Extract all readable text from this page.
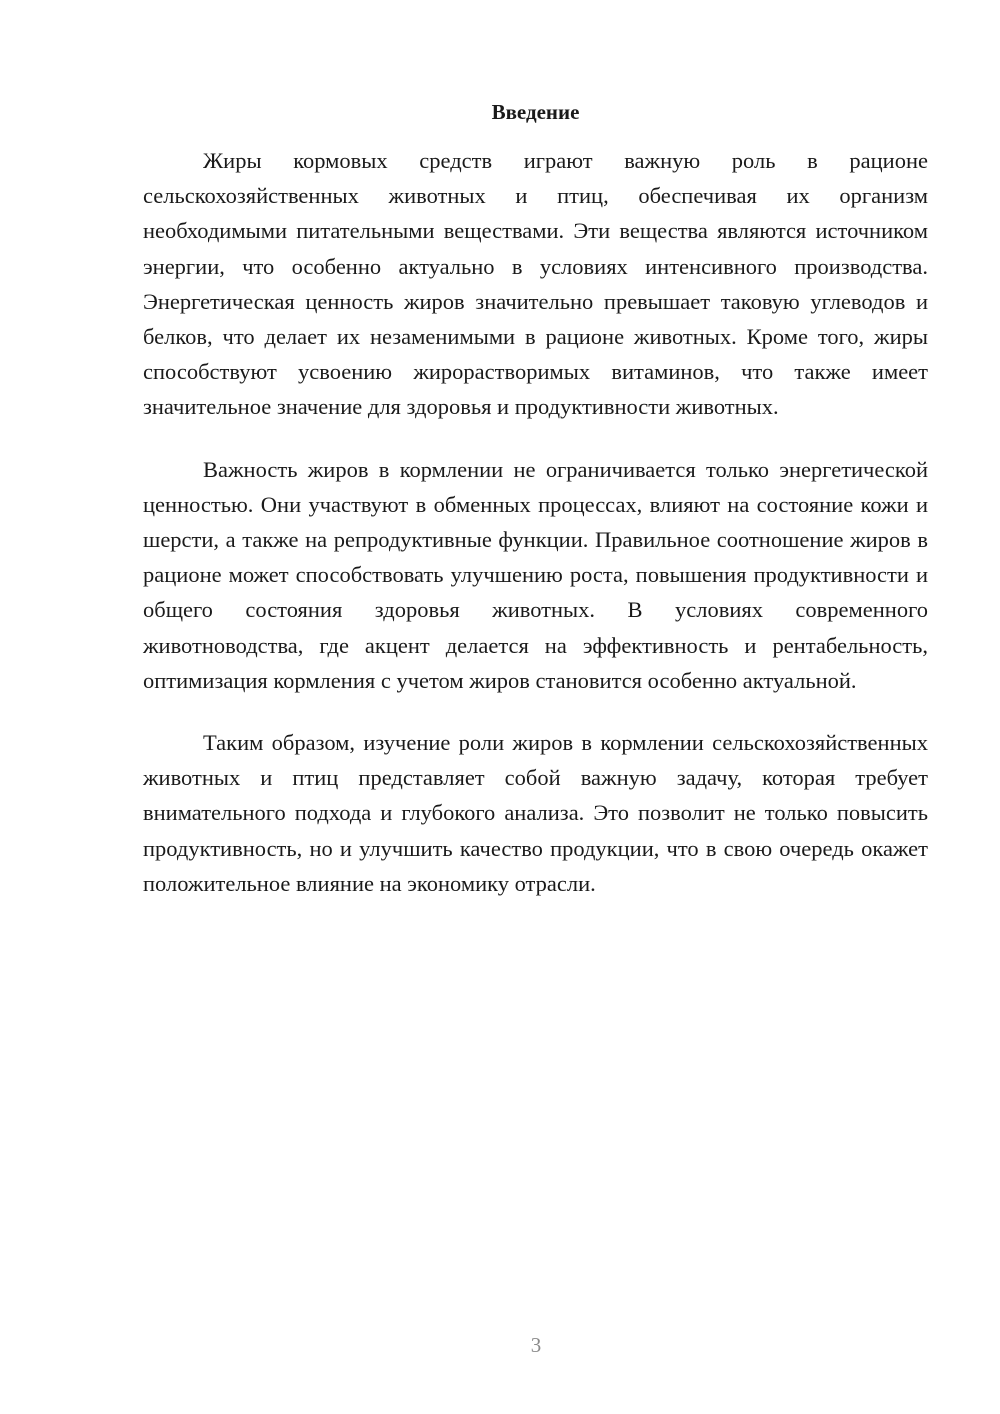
Введение

Жиры кормовых средств играют важную роль в рационе сельскохозяйственных животных и птиц, обеспечивая их организм необходимыми питательными веществами. Эти вещества являются источником энергии, что особенно актуально в условиях интенсивного производства. Энергетическая ценность жиров значительно превышает таковую углеводов и белков, что делает их незаменимыми в рационе животных. Кроме того, жиры способствуют усвоению жирорастворимых витаминов, что также имеет значительное значение для здоровья и продуктивности животных.

Важность жиров в кормлении не ограничивается только энергетической ценностью. Они участвуют в обменных процессах, влияют на состояние кожи и шерсти, а также на репродуктивные функции. Правильное соотношение жиров в рационе может способствовать улучшению роста, повышения продуктивности и общего состояния здоровья животных. В условиях современного животноводства, где акцент делается на эффективность и рентабельность, оптимизация кормления с учетом жиров становится особенно актуальной.

Таким образом, изучение роли жиров в кормлении сельскохозяйственных животных и птиц представляет собой важную задачу, которая требует внимательного подхода и глубокого анализа. Это позволит не только повысить продуктивность, но и улучшить качество продукции, что в свою очередь окажет положительное влияние на экономику отрасли.

3
